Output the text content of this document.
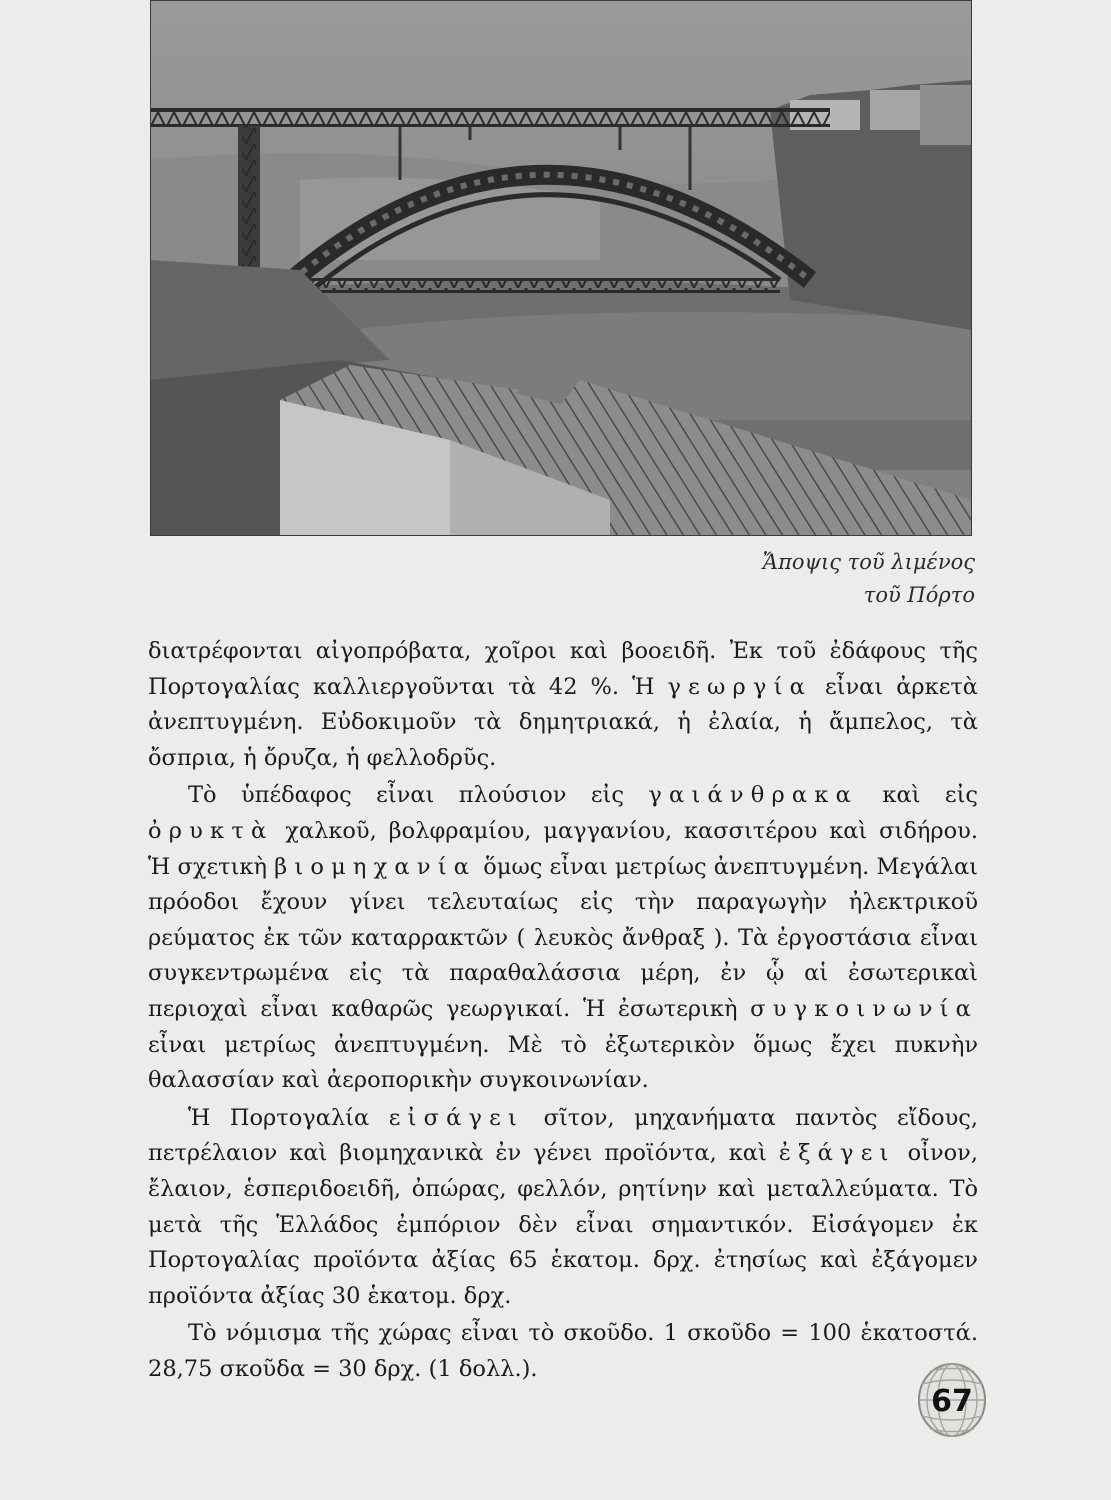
Ἄποψις τοῦ λιμένος
τοῦ Πόρτο

διατρέφονται αἰγοπρόβατα, χοῖροι καὶ βοοειδῆ. Ἐκ τοῦ ἐδάφους τῆς Πορτογαλίας καλλιεργοῦνται τὰ 42 %. Ἡ γεωργία εἶναι ἀρκετὰ ἀνεπτυγμένη. Εὐδοκιμοῦν τὰ δημητριακά, ἡ ἐλαία, ἡ ἄμπελος, τὰ ὄσπρια, ἡ ὄρυζα, ἡ φελλοδρῦς.

Τὸ ὑπέδαφος εἶναι πλούσιον εἰς γαιάνθρακα καὶ εἰς ὀρυκτὰ χαλκοῦ, βολφραμίου, μαγγανίου, κασσιτέρου καὶ σιδήρου. Ἡ σχετικὴ βιομηχανία ὅμως εἶναι μετρίως ἀνεπτυγμένη. Μεγάλαι πρόοδοι ἔχουν γίνει τελευταίως εἰς τὴν παραγωγὴν ἠλεκτρικοῦ ρεύματος ἐκ τῶν καταρρακτῶν ( λευκὸς ἄνθραξ ). Τὰ ἐργοστάσια εἶναι συγκεντρωμένα εἰς τὰ παραθαλάσσια μέρη, ἐν ᾧ αἱ ἐσωτερικαὶ περιοχαὶ εἶναι καθαρῶς γεωργικαί. Ἡ ἐσωτερικὴ συγκοινωνία εἶναι μετρίως ἀνεπτυγμένη. Μὲ τὸ ἐξωτερικὸν ὅμως ἔχει πυκνὴν θαλασσίαν καὶ ἀεροπορικὴν συγκοινωνίαν.

Ἡ Πορτογαλία εἰσάγει σῖτον, μηχανήματα παντὸς εἴδους, πετρέλαιον καὶ βιομηχανικὰ ἐν γένει προϊόντα, καὶ ἐξάγει οἶνον, ἔλαιον, ἑσπεριδοειδῆ, ὀπώρας, φελλόν, ρητίνην καὶ μεταλλεύματα. Τὸ μετὰ τῆς Ἑλλάδος ἐμπόριον δὲν εἶναι σημαντικόν. Εἰσάγομεν ἐκ Πορτογαλίας προϊόντα ἀξίας 65 ἑκατομ. δρχ. ἐτησίως καὶ ἐξάγομεν προϊόντα ἀξίας 30 ἑκατομ. δρχ.

Τὸ νόμισμα τῆς χώρας εἶναι τὸ σκοῦδο. 1 σκοῦδο = 100 ἑκατοστά. 28,75 σκοῦδα = 30 δρχ. (1 δολλ.).

67
